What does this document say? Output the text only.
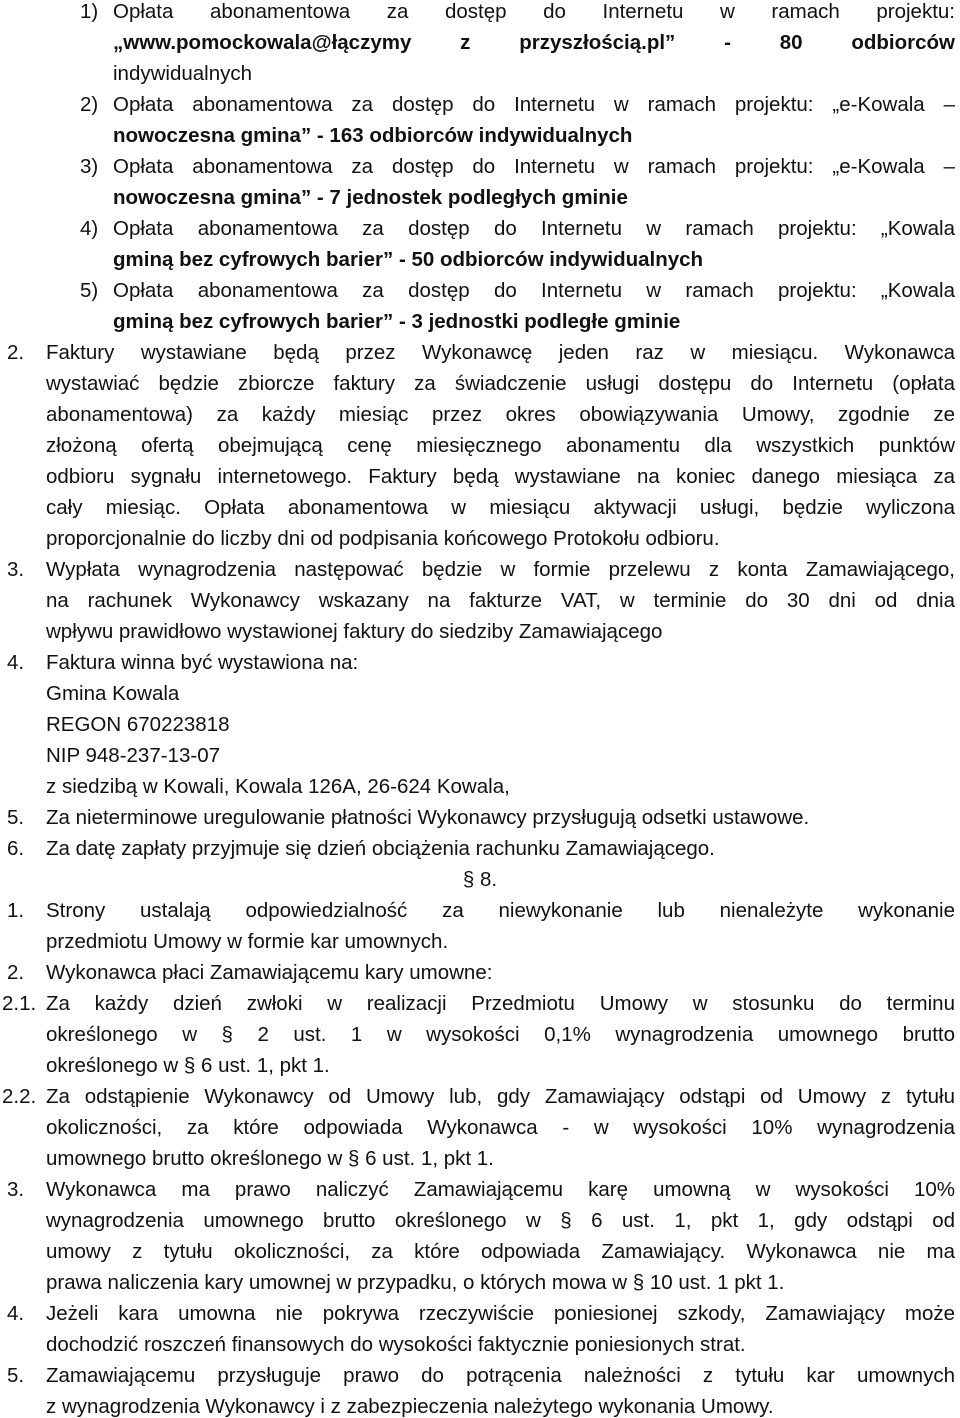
1) Opłata abonamentowa za dostęp do Internetu w ramach projektu:
„www.pomockowala@łączymy z przyszłością.pl” - 80 odbiorców
indywidualnych
2) Opłata abonamentowa za dostęp do Internetu w ramach projektu: „e-Kowala –
nowoczesna gmina” - 163 odbiorców indywidualnych
3) Opłata abonamentowa za dostęp do Internetu w ramach projektu: „e-Kowala –
nowoczesna gmina” - 7 jednostek podległych gminie
4) Opłata abonamentowa za dostęp do Internetu w ramach projektu: „Kowala
gminą bez cyfrowych barier” - 50 odbiorców indywidualnych
5) Opłata abonamentowa za dostęp do Internetu w ramach projektu: „Kowala
gminą bez cyfrowych barier” - 3 jednostki podległe gminie
2. Faktury wystawiane będą przez Wykonawcę jeden raz w miesiącu. Wykonawca
wystawiać będzie zbiorcze faktury za świadczenie usługi dostępu do Internetu (opłata
abonamentowa) za każdy miesiąc przez okres obowiązywania Umowy, zgodnie ze
złożoną ofertą obejmującą cenę miesięcznego abonamentu dla wszystkich punktów
odbioru sygnału internetowego. Faktury będą wystawiane na koniec danego miesiąca za
cały miesiąc. Opłata abonamentowa w miesiącu aktywacji usługi, będzie wyliczona
proporcjonalnie do liczby dni od podpisania końcowego Protokołu odbioru.
3. Wypłata wynagrodzenia następować będzie w formie przelewu z konta Zamawiającego,
na rachunek Wykonawcy wskazany na fakturze VAT, w terminie do 30 dni od dnia
wpływu prawidłowo wystawionej faktury do siedziby Zamawiającego
4. Faktura winna być wystawiona na:
Gmina Kowala
REGON 670223818
NIP 948-237-13-07
z siedzibą w Kowali, Kowala 126A, 26-624 Kowala,
5. Za nieterminowe uregulowanie płatności Wykonawcy przysługują odsetki ustawowe.
6. Za datę zapłaty przyjmuje się dzień obciążenia rachunku Zamawiającego.
§ 8.
1. Strony ustalają odpowiedzialność za niewykonanie lub nienależyte wykonanie
przedmiotu Umowy w formie kar umownych.
2. Wykonawca płaci Zamawiającemu kary umowne:
2.1. Za każdy dzień zwłoki w realizacji Przedmiotu Umowy w stosunku do terminu
określonego w § 2 ust. 1 w wysokości 0,1% wynagrodzenia umownego brutto
określonego w § 6 ust. 1, pkt 1.
2.2. Za odstąpienie Wykonawcy od Umowy lub, gdy Zamawiający odstąpi od Umowy z tytułu
okoliczności, za które odpowiada Wykonawca - w wysokości 10% wynagrodzenia
umownego brutto określonego w § 6 ust. 1, pkt 1.
3. Wykonawca ma prawo naliczyć Zamawiającemu karę umowną w wysokości 10%
wynagrodzenia umownego brutto określonego w § 6 ust. 1, pkt 1, gdy odstąpi od
umowy z tytułu okoliczności, za które odpowiada Zamawiający. Wykonawca nie ma
prawa naliczenia kary umownej w przypadku, o których mowa w § 10 ust. 1 pkt 1.
4. Jeżeli kara umowna nie pokrywa rzeczywiście poniesionej szkody, Zamawiający może
dochodzić roszczeń finansowych do wysokości faktycznie poniesionych strat.
5. Zamawiającemu przysługuje prawo do potrącenia należności z tytułu kar umownych
z wynagrodzenia Wykonawcy i z zabezpieczenia należytego wykonania Umowy.
